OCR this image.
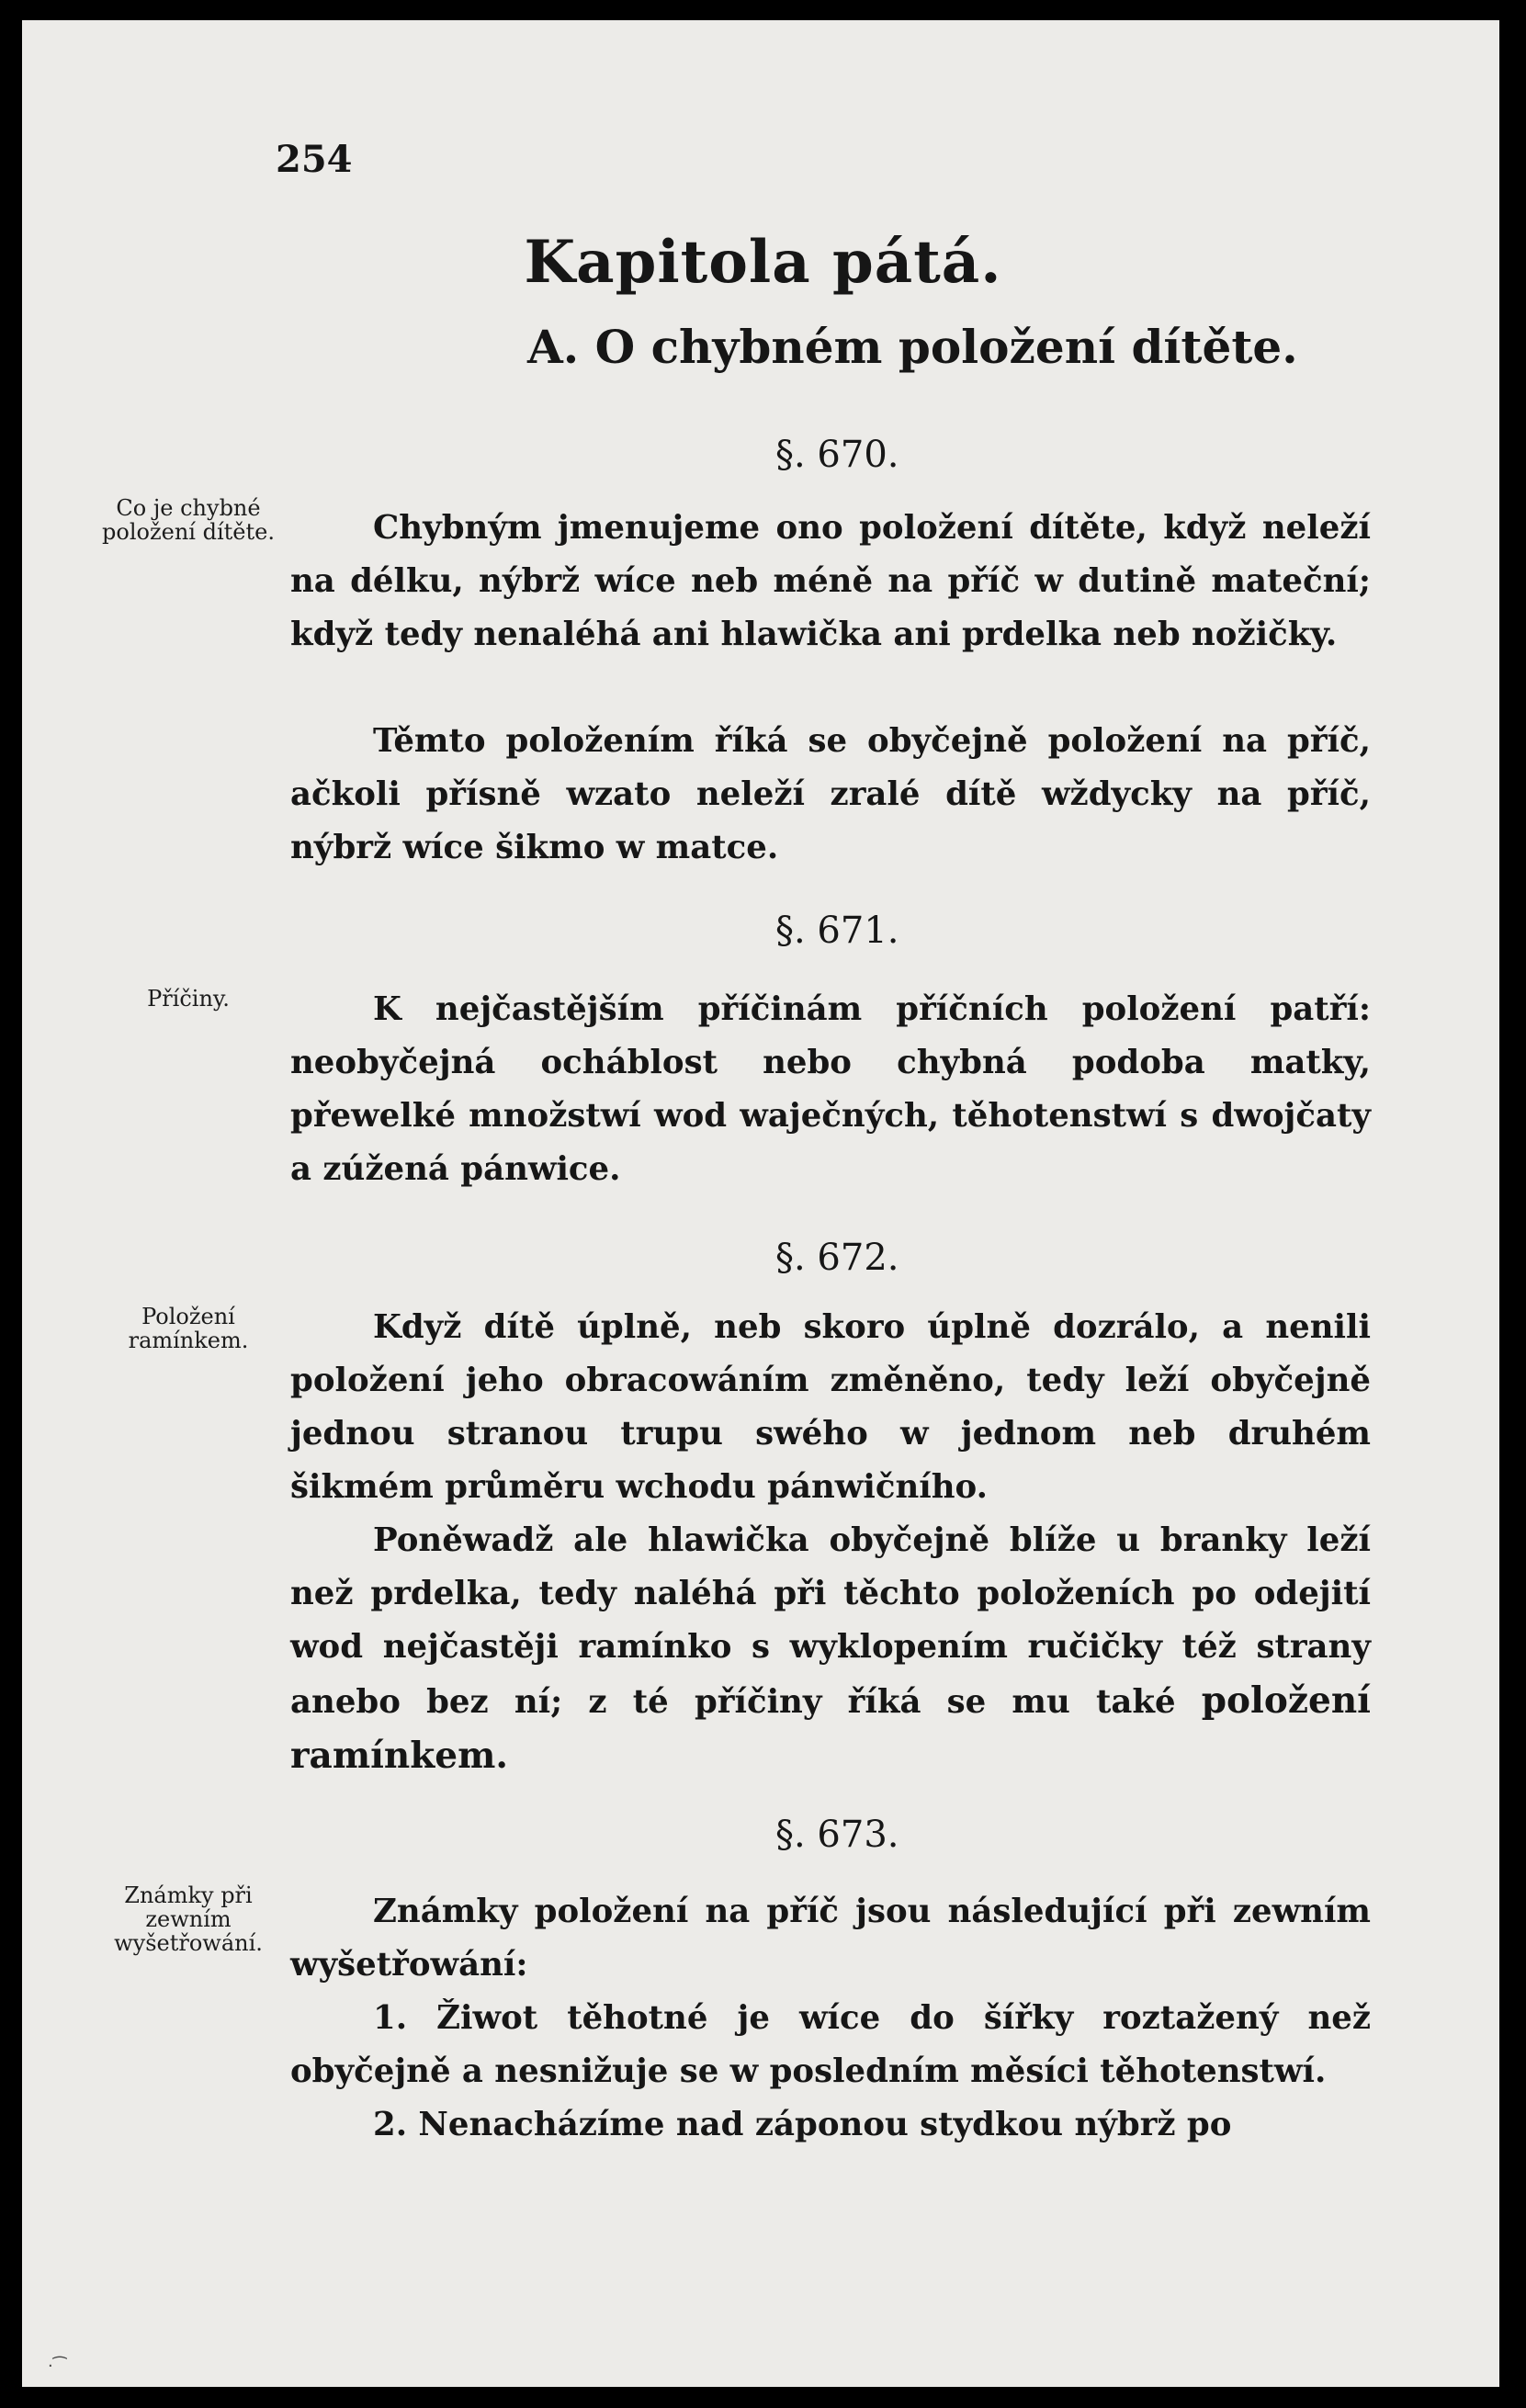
254
Kapitola pátá.
A. O chybném položení dítěte.
§. 670.
Co je chybné položení dítěte.	Chybným jmenujeme ono položení dítěte, když neleží na délku, nýbrž wíce neb méně na příč w dutině mateční; když tedy nenaléhá ani hlawička ani prdelka neb nožičky.
Těmto položením říká se obyčejně položení na příč, ačkoli přísně wzato neleží zralé dítě wždycky na příč, nýbrž wíce šikmo w matce.
§. 671.
Příčiny.	K nejčastějším příčinám příčních položení patří: neobyčejná ocháblost nebo chybná podoba matky, přewelké množstwí wod waječných, těhotenstwí s dwojčaty a zúžená pánwice.
§. 672.
Položení ramínkem.	Když dítě úplně, neb skoro úplně dozrálo, a nenili položení jeho obracowáním změněno, tedy leží obyčejně jednou stranou trupu swého w jednom neb druhém šikmém průměru wchodu pánwičního.
Poněwadž ale hlawička obyčejně blíže u branky leží než prdelka, tedy naléhá při těchto položeních po odejití wod nejčastěji ramínko s wyklopením ručičky též strany anebo bez ní; z té příčiny říká se mu také položení ramínkem.
§. 673.
Známky při zewním wyšetřowání.
Známky položení na příč jsou následující při zewním wyšetřowání:
1. Žiwot těhotné je wíce do šířky roztažený než obyčejně a nesnižuje se w posledním měsíci těhotenstwí.
2. Nenacházíme nad záponou stydkou nýbrž po
·⁀
